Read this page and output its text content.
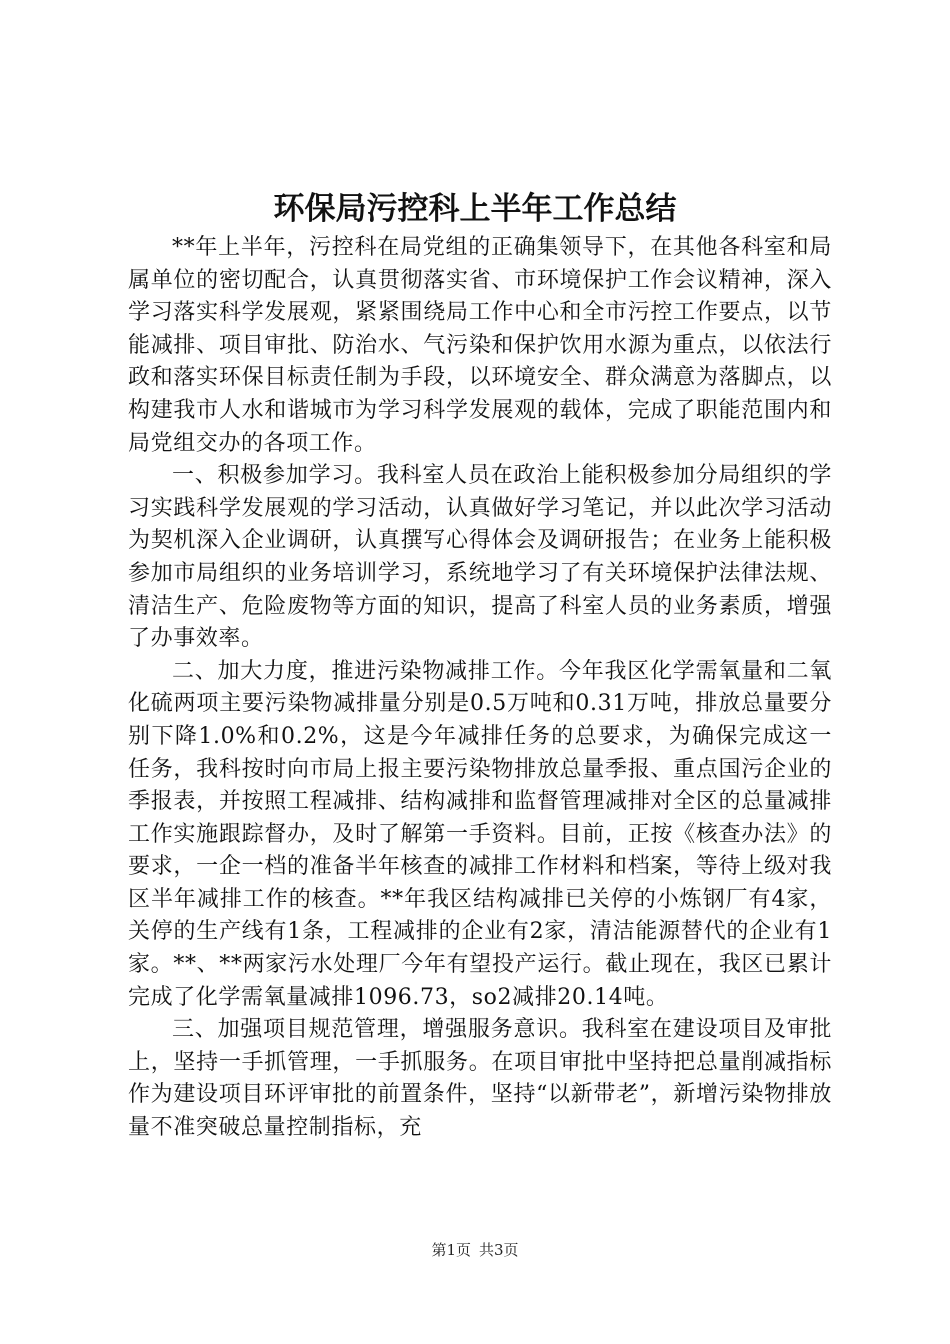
环保局污控科上半年工作总结

**年上半年，污控科在局党组的正确集领导下，在其他各科室和局属单位的密切配合，认真贯彻落实省、市环境保护工作会议精神，深入学习落实科学发展观，紧紧围绕局工作中心和全市污控工作要点，以节能减排、项目审批、防治水、气污染和保护饮用水源为重点，以依法行政和落实环保目标责任制为手段，以环境安全、群众满意为落脚点，以构建我市人水和谐城市为学习科学发展观的载体，完成了职能范围内和局党组交办的各项工作。

一、积极参加学习。我科室人员在政治上能积极参加分局组织的学习实践科学发展观的学习活动，认真做好学习笔记，并以此次学习活动为契机深入企业调研，认真撰写心得体会及调研报告；在业务上能积极参加市局组织的业务培训学习，系统地学习了有关环境保护法律法规、清洁生产、危险废物等方面的知识，提高了科室人员的业务素质，增强了办事效率。

二、加大力度，推进污染物减排工作。今年我区化学需氧量和二氧化硫两项主要污染物减排量分别是0.5万吨和0.31万吨，排放总量要分别下降1.0%和0.2%，这是今年减排任务的总要求，为确保完成这一任务，我科按时向市局上报主要污染物排放总量季报、重点国污企业的季报表，并按照工程减排、结构减排和监督管理减排对全区的总量减排工作实施跟踪督办，及时了解第一手资料。目前，正按《核查办法》的要求，一企一档的准备半年核查的减排工作材料和档案，等待上级对我区半年减排工作的核查。**年我区结构减排已关停的小炼钢厂有4家，关停的生产线有1条，工程减排的企业有2家，清洁能源替代的企业有1家。**、**两家污水处理厂今年有望投产运行。截止现在，我区已累计完成了化学需氧量减排1096.73，so2减排20.14吨。

三、加强项目规范管理，增强服务意识。我科室在建设项目及审批上，坚持一手抓管理，一手抓服务。在项目审批中坚持把总量削减指标作为建设项目环评审批的前置条件，坚持“以新带老”，新增污染物排放量不准突破总量控制指标，充

第1页 共3页
